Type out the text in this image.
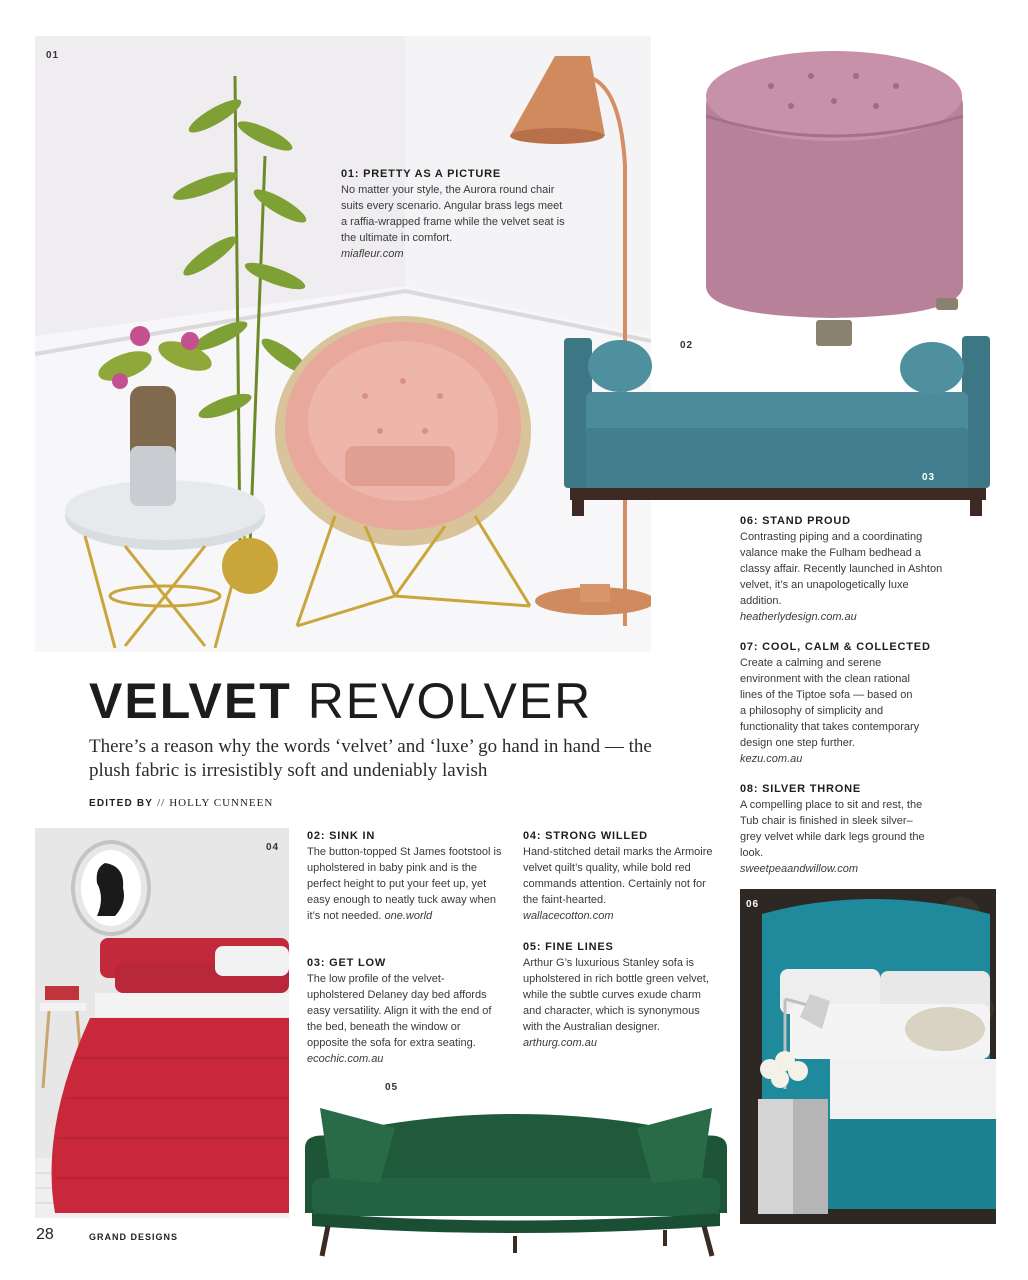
01
02
03
04
05
06
01: PRETTY AS A PICTURE

No matter your style, the Aurora round chair suits every scenario. Angular brass legs meet a raffia-wrapped frame while the velvet seat is the ultimate in comfort.

miafleur.com

06: STAND PROUD

Contrasting piping and a coordinating valance make the Fulham bedhead a classy affair. Recently launched in Ashton velvet, it’s an unapologetically luxe addition.

heatherlydesign.com.au

07: COOL, CALM & COLLECTED

Create a calming and serene environment with the clean rational lines of the Tiptoe sofa — based on a philosophy of simplicity and functionality that takes contemporary design one step further. kezu.com.au

08: SILVER THRONE

A compelling place to sit and rest, the Tub chair is finished in sleek silver–grey velvet while dark legs ground the look.

sweetpeaandwillow.com

02: SINK IN

The button-topped St James footstool is upholstered in baby pink and is the perfect height to put your feet up, yet easy enough to neatly tuck away when it’s not needed. one.world

03: GET LOW

The low profile of the velvet-upholstered Delaney day bed affords easy versatility. Align it with the end of the bed, beneath the window or opposite the sofa for extra seating.

ecochic.com.au

04: STRONG WILLED

Hand-stitched detail marks the Armoire velvet quilt’s quality, while bold red commands attention. Certainly not for the faint-hearted.

wallacecotton.com

05: FINE LINES

Arthur G’s luxurious Stanley sofa is upholstered in rich bottle green velvet, while the subtle curves exude charm and character, which is synonymous with the Australian designer. arthurg.com.au

VELVET REVOLVER
There’s a reason why the words ‘velvet’ and ‘luxe’ go hand in hand — the plush fabric is irresistibly soft and undeniably lavish
EDITED BY // HOLLY CUNNEEN
28	GRAND DESIGNS
